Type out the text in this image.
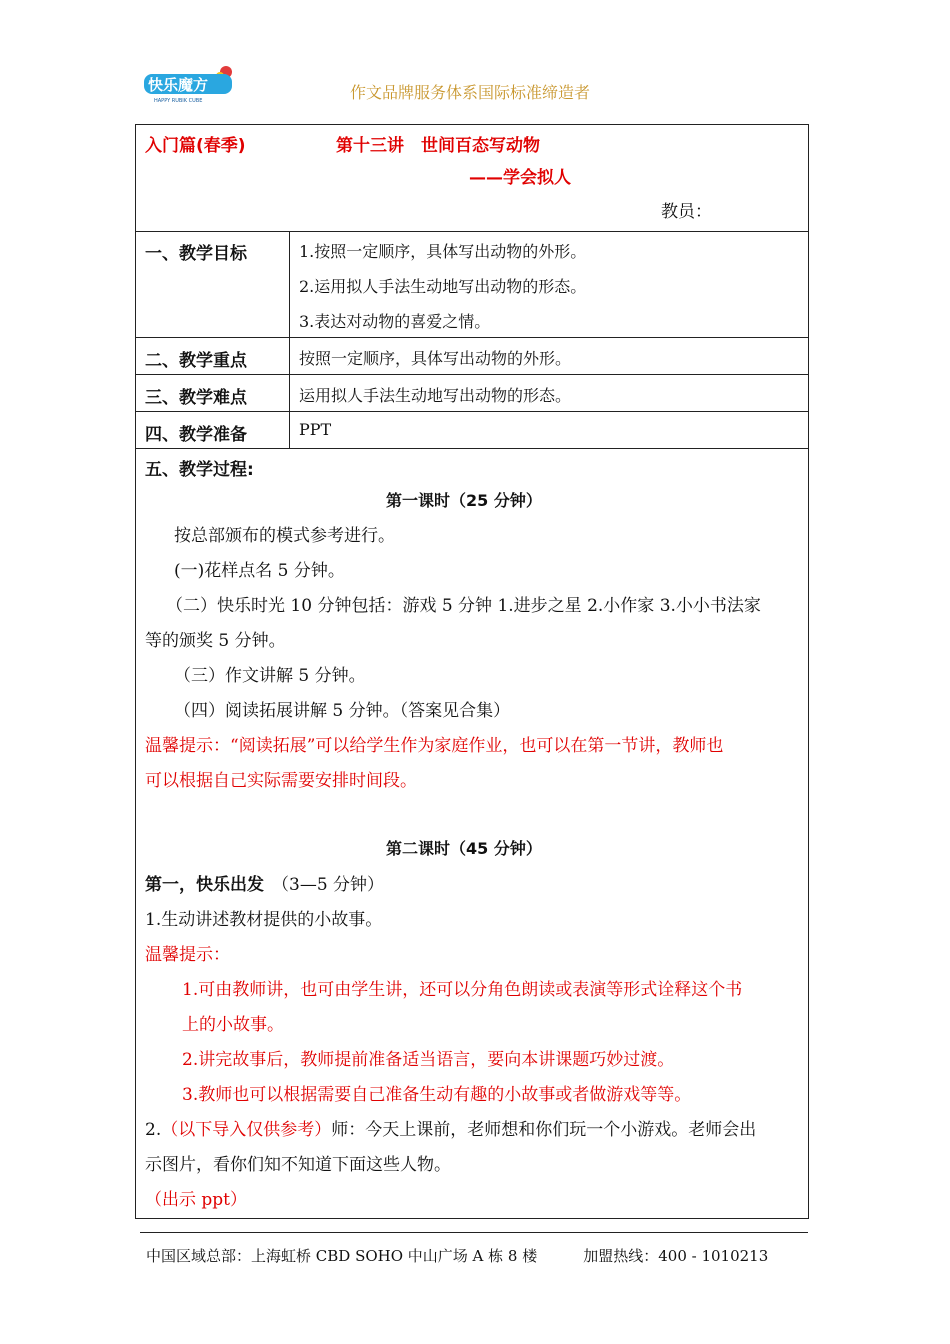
快乐魔方
HAPPY RUBIK CUBE	作文品牌服务体系国际标准缔造者
入门篇(春季)	第十三讲　世间百态写动物
——学会拟人
教员：
一、教学目标	1.按照一定顺序，具体写出动物的外形。
2.运用拟人手法生动地写出动物的形态。
3.表达对动物的喜爱之情。
二、教学重点	按照一定顺序，具体写出动物的外形。
三、教学难点	运用拟人手法生动地写出动物的形态。
四、教学准备	PPT
五、教学过程:
第一课时（25 分钟）
按总部颁布的模式参考进行。
(一)花样点名 5 分钟。
（二）快乐时光 10 分钟包括：游戏 5 分钟 1.进步之星 2.小作家 3.小小书法家
等的颁奖 5 分钟。
（三）作文讲解 5 分钟。
（四）阅读拓展讲解 5 分钟。（答案见合集）
温馨提示：“阅读拓展”可以给学生作为家庭作业，也可以在第一节讲，教师也
可以根据自己实际需要安排时间段。
第二课时（45 分钟）
第一，快乐出发 （3—5 分钟）
1.生动讲述教材提供的小故事。
温馨提示：
1.可由教师讲，也可由学生讲，还可以分角色朗读或表演等形式诠释这个书
上的小故事。
2.讲完故事后，教师提前准备适当语言，要向本讲课题巧妙过渡。
3.教师也可以根据需要自己准备生动有趣的小故事或者做游戏等等。
2.（以下导入仅供参考）师：今天上课前，老师想和你们玩一个小游戏。老师会出
示图片，看你们知不知道下面这些人物。
（出示 ppt）
中国区域总部：上海虹桥 CBD SOHO 中山广场 A 栋 8 楼	加盟热线：400 - 1010213
